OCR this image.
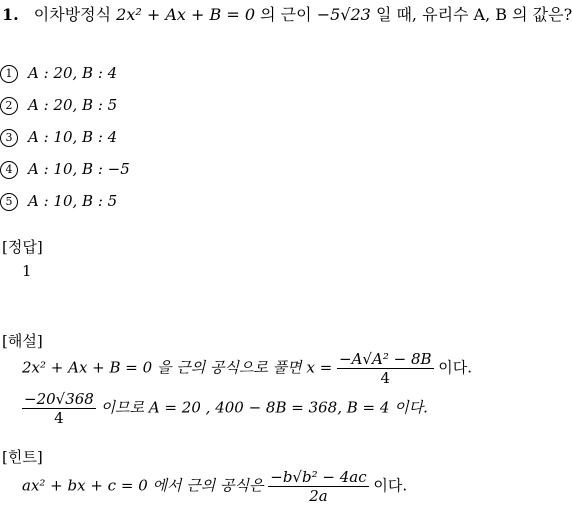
1. 이차방정식 2x² + Ax + B = 0 의 근이 −5√23 일 때, 유리수 A, B 의 값은?
1 A : 20, B : 4
2 A : 20, B : 5
3 A : 10, B : 4
4 A : 10, B : −5
5 A : 10, B : 5
[정답]
1
[해설]
2x² + Ax + B = 0 을 근의 공식으로 풀면 $x = \frac{\text{−A√A² − 8B}}{4}$ 이다.
$\frac{-20√368}{4}$ 이므로 A = 20 , 400 − 8B = 368, B = 4 이다.
[힌트]
ax² + bx + c = 0 에서 근의 공식은 $\frac{\text{−b√b² − 4ac}}{2a}$ 이다.
